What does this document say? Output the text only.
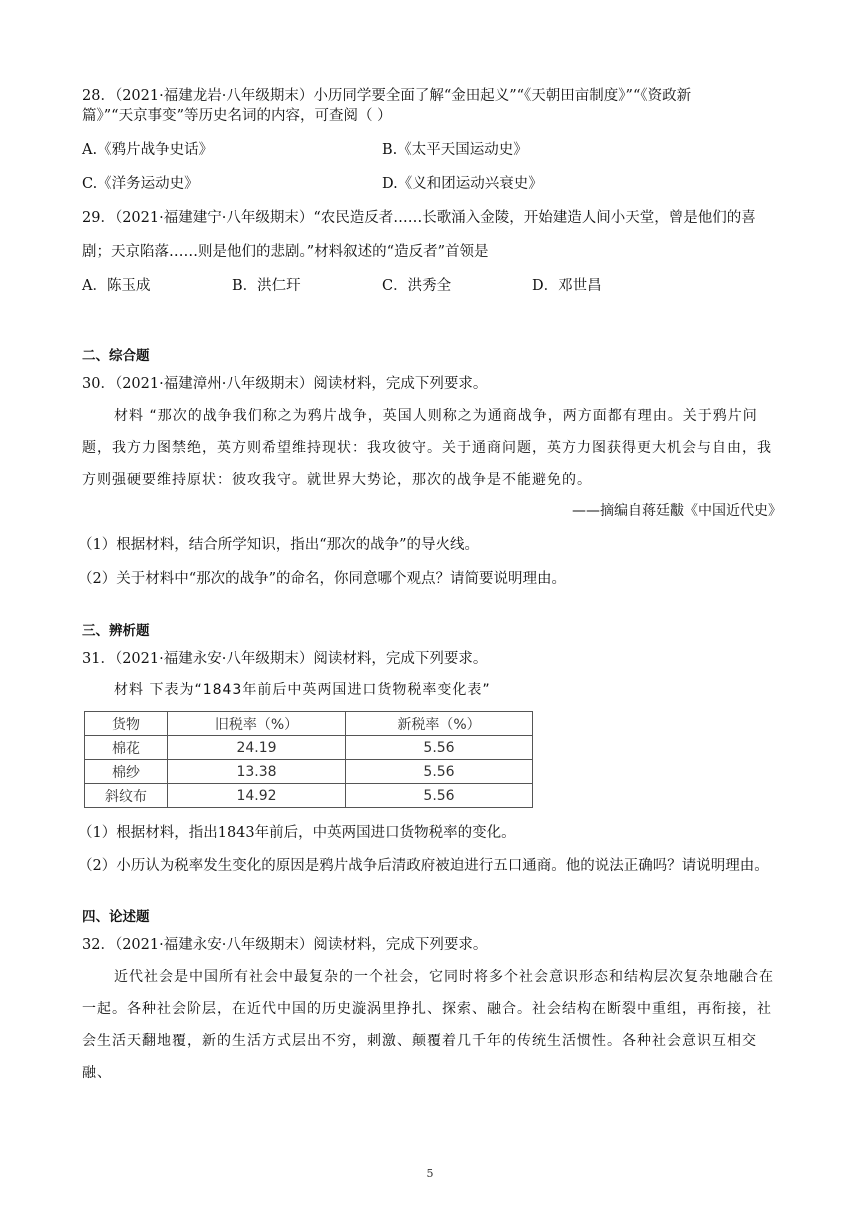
28．（2021·福建龙岩·八年级期末）小历同学要全面了解“金田起义”“《天朝田亩制度》”“《资政新

篇》”“天京事变”等历史名词的内容，可查阅（ ）

A.《鸦片战争史话》	B.《太平天国运动史》
C.《洋务运动史》	D.《义和团运动兴衰史》

29．（2021·福建建宁·八年级期末）“农民造反者……长歌涌入金陵，开始建造人间小天堂，曾是他们的喜

剧；天京陷落……则是他们的悲剧。”材料叙述的“造反者”首领是

A．陈玉成	B．洪仁玕	C．洪秀全	D．邓世昌
二、综合题

30．（2021·福建漳州·八年级期末）阅读材料，完成下列要求。

材料 “那次的战争我们称之为鸦片战争，英国人则称之为通商战争，两方面都有理由。关于鸦片问题，我方力图禁绝，英方则希望维持现状：我攻彼守。关于通商问题，英方力图获得更大机会与自由，我方则强硬要维持原状：彼攻我守。就世界大势论，那次的战争是不能避免的。

——摘编自蒋廷黻《中国近代史》

（1）根据材料，结合所学知识，指出“那次的战争”的导火线。

（2）关于材料中“那次的战争”的命名，你同意哪个观点？请简要说明理由。

三、辨析题

31．（2021·福建永安·八年级期末）阅读材料，完成下列要求。

材料 下表为“1843年前后中英两国进口货物税率变化表”
货物	旧税率（%）	新税率（%）
棉花	24.19	5.56
棉纱	13.38	5.56
斜纹布	14.92	5.56

（1）根据材料，指出1843年前后，中英两国进口货物税率的变化。

（2）小历认为税率发生变化的原因是鸦片战争后清政府被迫进行五口通商。他的说法正确吗？请说明理由。

四、论述题

32．（2021·福建永安·八年级期末）阅读材料，完成下列要求。

近代社会是中国所有社会中最复杂的一个社会，它同时将多个社会意识形态和结构层次复杂地融合在一起。各种社会阶层，在近代中国的历史漩涡里挣扎、探索、融合。社会结构在断裂中重组，再衔接，社会生活天翻地覆，新的生活方式层出不穷，刺激、颠覆着几千年的传统生活惯性。各种社会意识互相交融、

5
